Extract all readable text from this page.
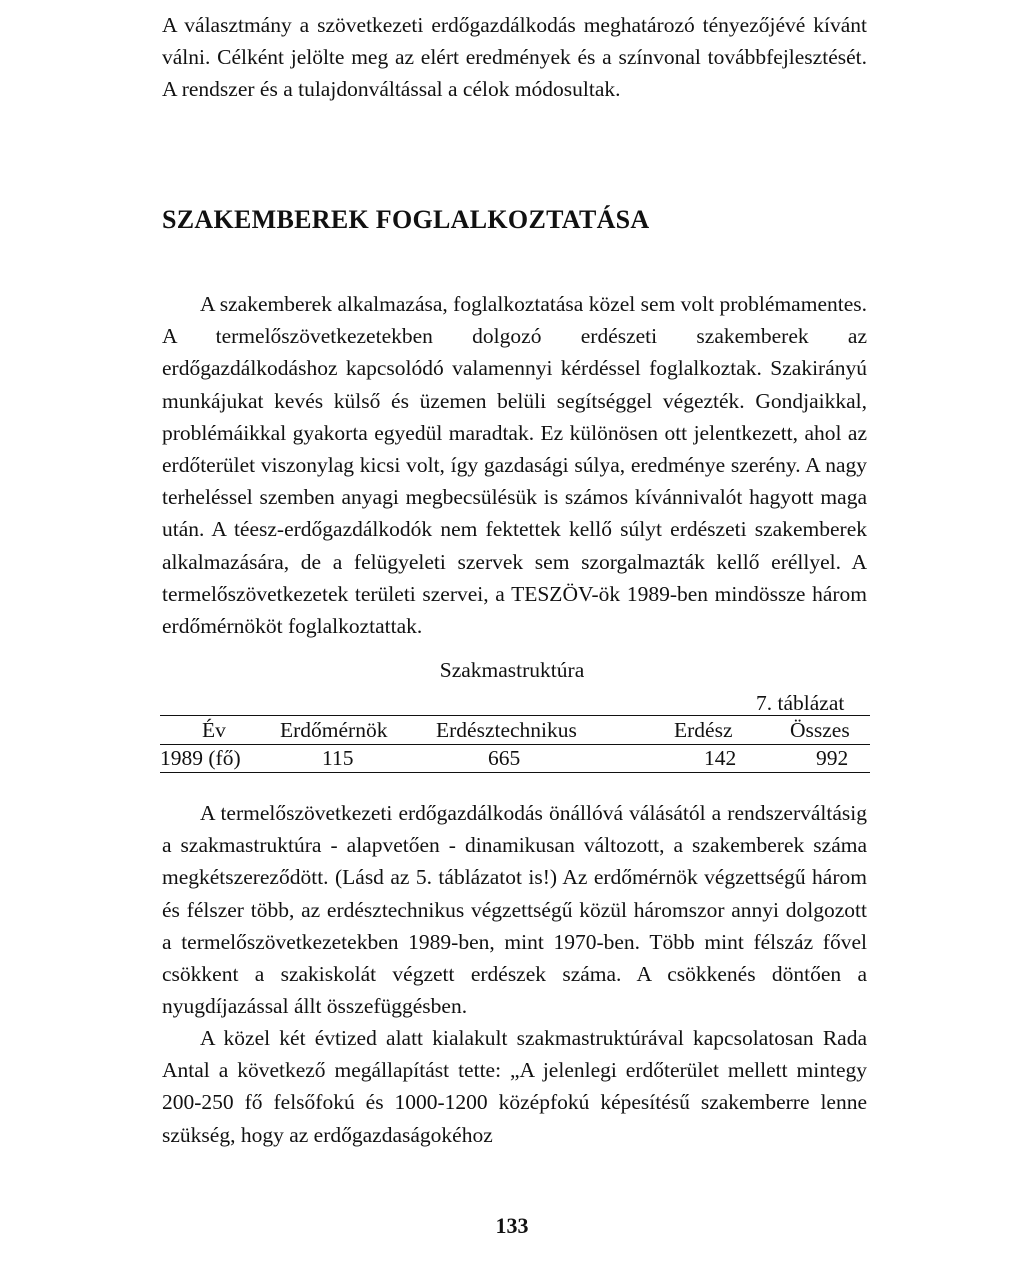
A választmány a szövetkezeti erdőgazdálkodás meghatározó tényezőjévé kívánt válni. Célként jelölte meg az elért eredmények és a színvonal továbbfejlesztését. A rendszer és a tulajdonváltással a célok módosultak.

SZAKEMBEREK FOGLALKOZTATÁSA

A szakemberek alkalmazása, foglalkoztatása közel sem volt problémamentes. A termelőszövetkezetekben dolgozó erdészeti szakemberek az erdőgazdálkodáshoz kapcsolódó valamennyi kérdéssel foglalkoztak. Szakirányú munkájukat kevés külső és üzemen belüli segítséggel végezték. Gondjaikkal, problémáikkal gyakorta egyedül maradtak. Ez különösen ott jelentkezett, ahol az erdőterület viszonylag kicsi volt, így gazdasági súlya, eredménye szerény. A nagy terheléssel szemben anyagi megbecsülésük is számos kívánnivalót hagyott maga után. A téesz-erdőgazdálkodók nem fektettek kellő súlyt erdészeti szakemberek alkalmazására, de a felügyeleti szervek sem szorgalmazták kellő eréllyel. A termelőszövetkezetek területi szervei, a TESZÖV-ök 1989-ben mindössze három erdőmérnököt foglalkoztattak.

Szakmastruktúra

7. táblázat

Év	Erdőmérnök	Erdésztechnikus	Erdész	Összes
1989 (fő)	115	665	142	992

A termelőszövetkezeti erdőgazdálkodás önállóvá válásától a rendszerváltásig a szakmastruktúra - alapvetően - dinamikusan változott, a szakemberek száma megkétszereződött. (Lásd az 5. táblázatot is!) Az erdőmérnök végzettségű három és félszer több, az erdésztechnikus végzettségű közül háromszor annyi dolgozott a termelőszövetkezetekben 1989-ben, mint 1970-ben. Több mint félszáz fővel csökkent a szakiskolát végzett erdészek száma. A csökkenés döntően a nyugdíjazással állt összefüggésben.

A közel két évtized alatt kialakult szakmastruktúrával kapcsolatosan Rada Antal a következő megállapítást tette: „A jelenlegi erdőterület mellett mintegy 200-250 fő felsőfokú és 1000-1200 középfokú képesítésű szakemberre lenne szükség, hogy az erdőgazdaságokéhoz

133
